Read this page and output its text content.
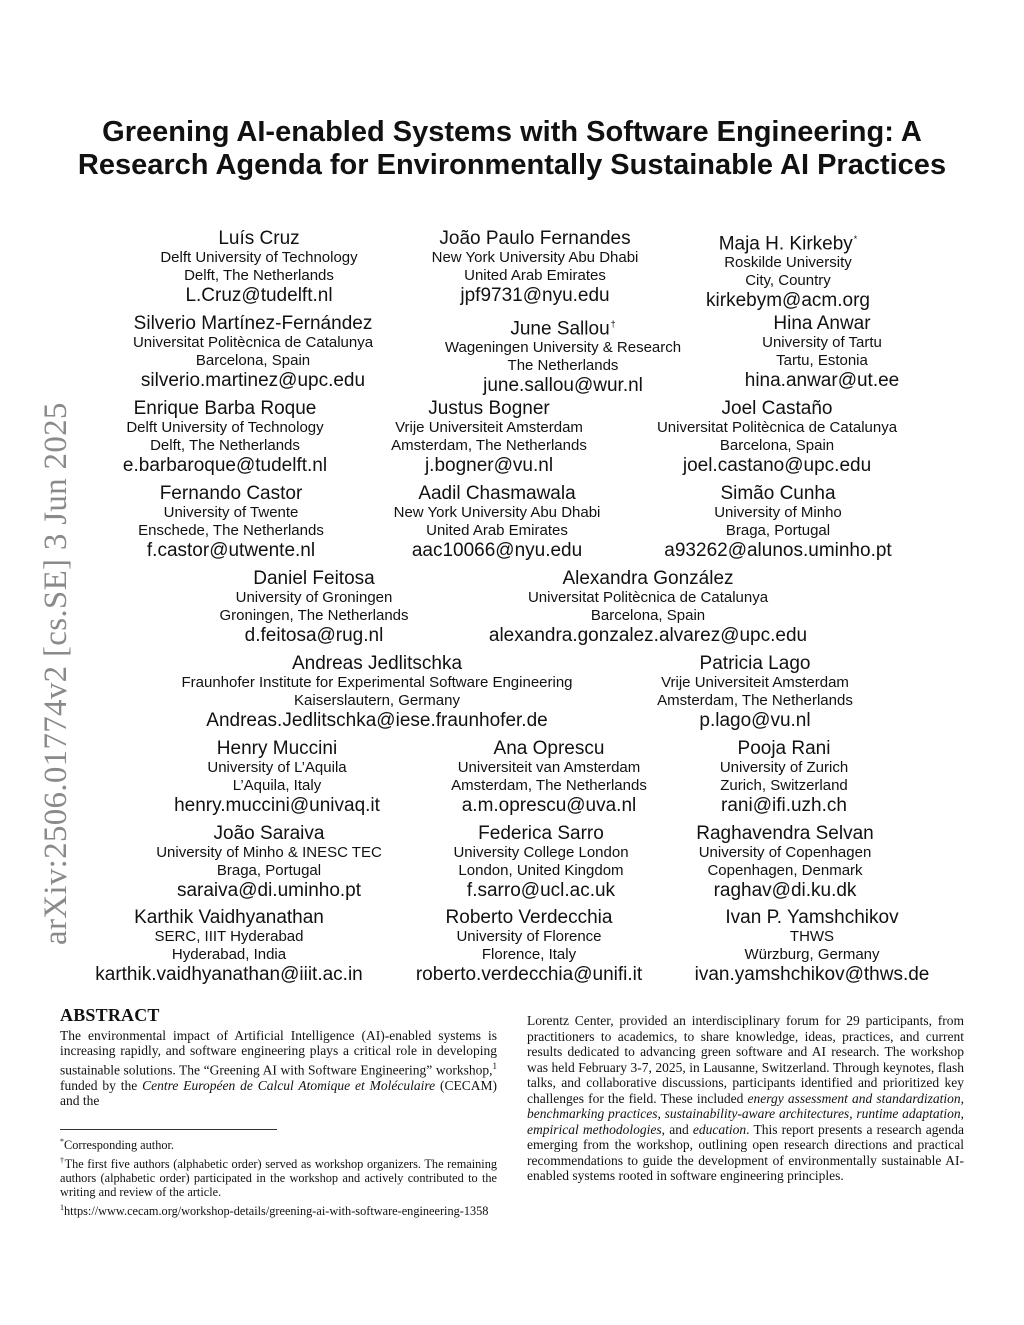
Greening AI-enabled Systems with Software Engineering: A
Research Agenda for Environmentally Sustainable AI Practices
arXiv:2506.01774v2 [cs.SE] 3 Jun 2025
Luís Cruz
Delft University of Technology
Delft, The Netherlands
L.Cruz@tudelft.nl
João Paulo Fernandes
New York University Abu Dhabi
United Arab Emirates
jpf9731@nyu.edu
Maja H. Kirkeby*
Roskilde University
City, Country
kirkebym@acm.org
Silverio Martínez-Fernández
Universitat Politècnica de Catalunya
Barcelona, Spain
silverio.martinez@upc.edu
June Sallou†
Wageningen University & Research
The Netherlands
june.sallou@wur.nl
Hina Anwar
University of Tartu
Tartu, Estonia
hina.anwar@ut.ee
Enrique Barba Roque
Delft University of Technology
Delft, The Netherlands
e.barbaroque@tudelft.nl
Justus Bogner
Vrije Universiteit Amsterdam
Amsterdam, The Netherlands
j.bogner@vu.nl
Joel Castaño
Universitat Politècnica de Catalunya
Barcelona, Spain
joel.castano@upc.edu
Fernando Castor
University of Twente
Enschede, The Netherlands
f.castor@utwente.nl
Aadil Chasmawala
New York University Abu Dhabi
United Arab Emirates
aac10066@nyu.edu
Simão Cunha
University of Minho
Braga, Portugal
a93262@alunos.uminho.pt
Daniel Feitosa
University of Groningen
Groningen, The Netherlands
d.feitosa@rug.nl
Alexandra González
Universitat Politècnica de Catalunya
Barcelona, Spain
alexandra.gonzalez.alvarez@upc.edu
Andreas Jedlitschka
Fraunhofer Institute for Experimental Software Engineering
Kaiserslautern, Germany
Andreas.Jedlitschka@iese.fraunhofer.de
Patricia Lago
Vrije Universiteit Amsterdam
Amsterdam, The Netherlands
p.lago@vu.nl
Henry Muccini
University of L’Aquila
L’Aquila, Italy
henry.muccini@univaq.it
Ana Oprescu
Universiteit van Amsterdam
Amsterdam, The Netherlands
a.m.oprescu@uva.nl
Pooja Rani
University of Zurich
Zurich, Switzerland
rani@ifi.uzh.ch
João Saraiva
University of Minho & INESC TEC
Braga, Portugal
saraiva@di.uminho.pt
Federica Sarro
University College London
London, United Kingdom
f.sarro@ucl.ac.uk
Raghavendra Selvan
University of Copenhagen
Copenhagen, Denmark
raghav@di.ku.dk
Karthik Vaidhyanathan
SERC, IIIT Hyderabad
Hyderabad, India
karthik.vaidhyanathan@iiit.ac.in
Roberto Verdecchia
University of Florence
Florence, Italy
roberto.verdecchia@unifi.it
Ivan P. Yamshchikov
THWS
Würzburg, Germany
ivan.yamshchikov@thws.de
ABSTRACT
The environmental impact of Artificial Intelligence (AI)-enabled systems is increasing rapidly, and software engineering plays a critical role in developing sustainable solutions. The “Greening AI with Software Engineering” workshop,$^1$ funded by the Centre Européen de Calcul Atomique et Moléculaire (CECAM) and the
*Corresponding author.
†The first five authors (alphabetic order) served as workshop organizers. The remaining authors (alphabetic order) participated in the workshop and actively contributed to the writing and review of the article.
$^1$https://www.cecam.org/workshop-details/greening-ai-with-software-engineering-1358
Lorentz Center, provided an interdisciplinary forum for 29 participants, from practitioners to academics, to share knowledge, ideas, practices, and current results dedicated to advancing green software and AI research. The workshop was held February 3-7, 2025, in Lausanne, Switzerland. Through keynotes, flash talks, and collaborative discussions, participants identified and prioritized key challenges for the field. These included energy assessment and standardization, benchmarking practices, sustainability-aware architectures, runtime adaptation, empirical methodologies, and education. This report presents a research agenda emerging from the workshop, outlining open research directions and practical recommendations to guide the development of environmentally sustainable AI-enabled systems rooted in software engineering principles.
